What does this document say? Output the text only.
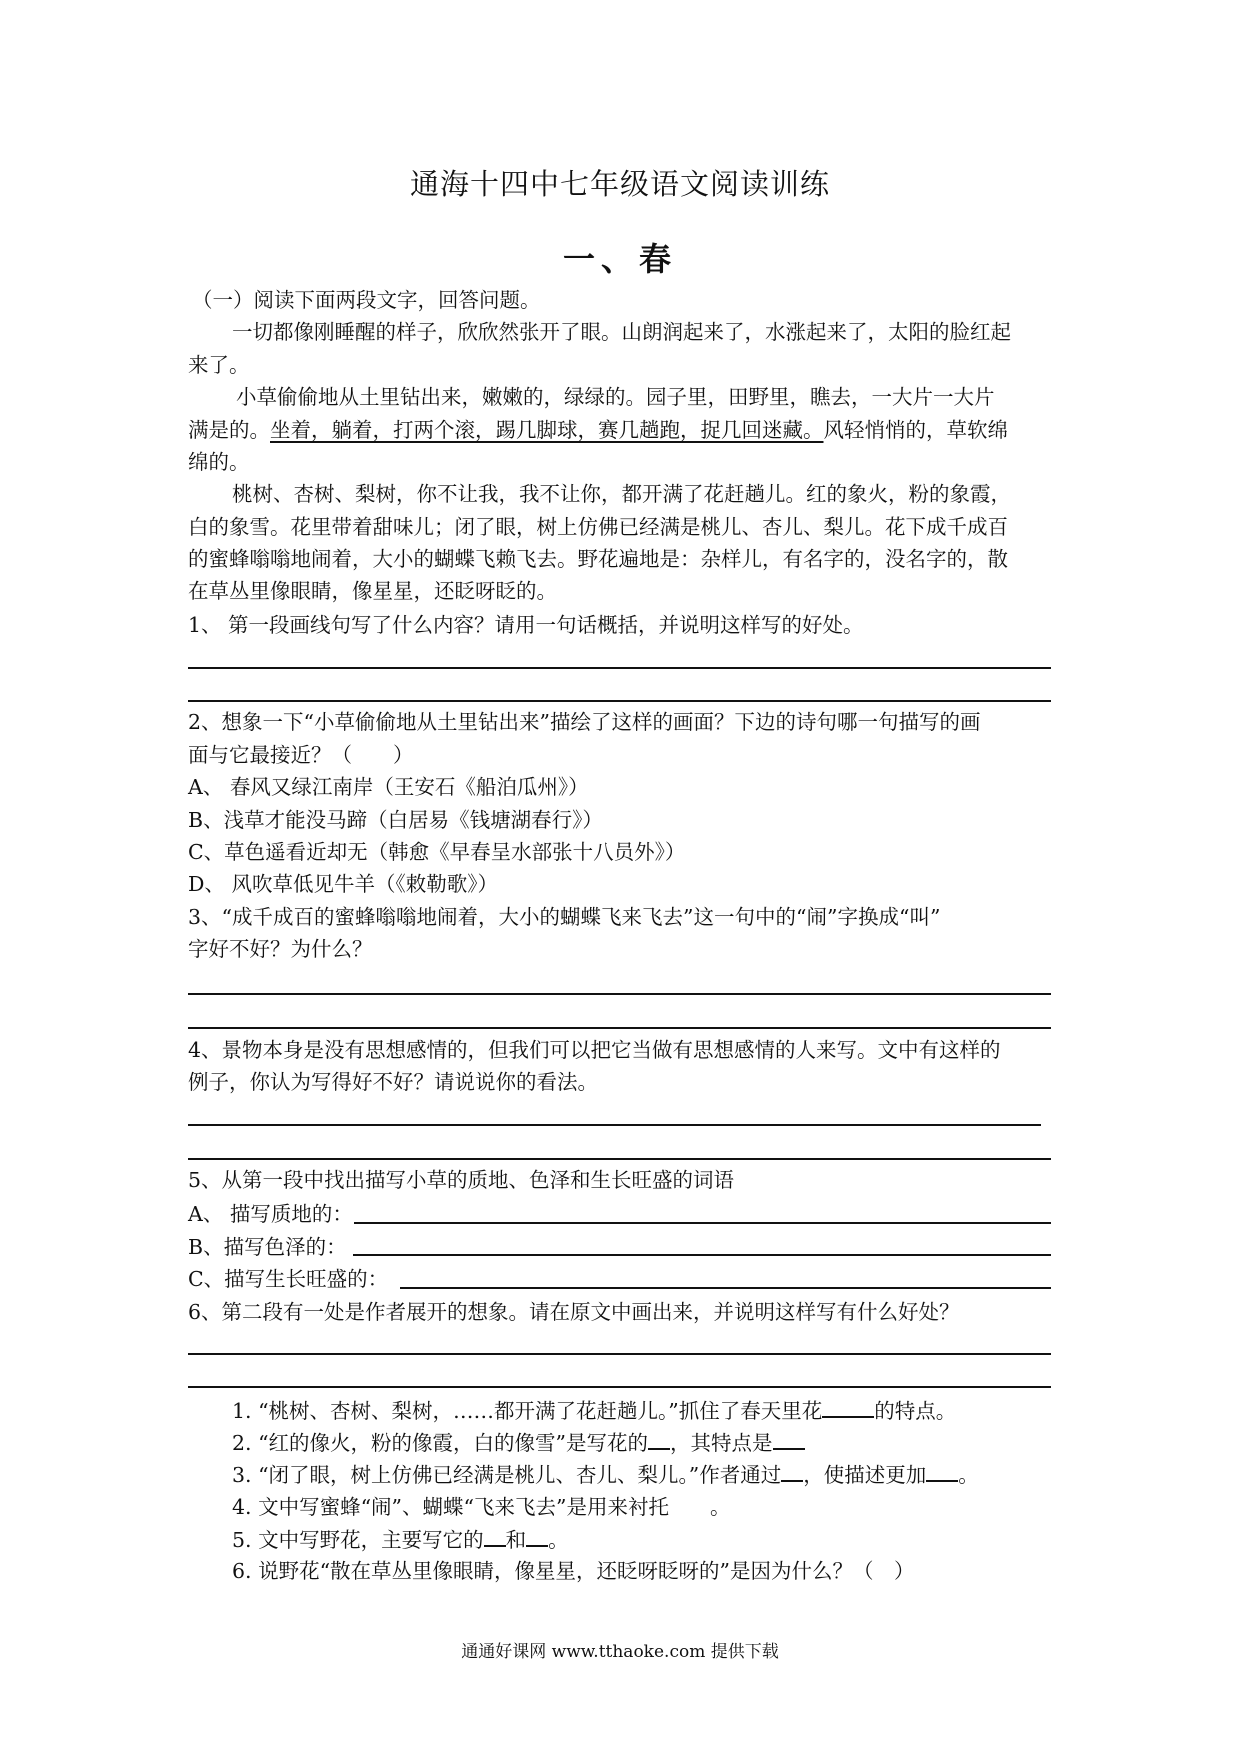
通海十四中七年级语文阅读训练
一、春
（一）阅读下面两段文字，回答问题。
一切都像刚睡醒的样子，欣欣然张开了眼。山朗润起来了，水涨起来了，太阳的脸红起
来了。
小草偷偷地从土里钻出来，嫩嫩的，绿绿的。园子里，田野里，瞧去，一大片一大片
满是的。坐着，躺着，打两个滚，踢几脚球，赛几趟跑，捉几回迷藏。风轻悄悄的，草软绵
绵的。
桃树、杏树、梨树，你不让我，我不让你，都开满了花赶趟儿。红的象火，粉的象霞，
白的象雪。花里带着甜味儿；闭了眼，树上仿佛已经满是桃儿、杏儿、梨儿。花下成千成百
的蜜蜂嗡嗡地闹着，大小的蝴蝶飞赖飞去。野花遍地是：杂样儿，有名字的，没名字的，散
在草丛里像眼睛，像星星，还眨呀眨的。
1、 第一段画线句写了什么内容？请用一句话概括，并说明这样写的好处。
2、想象一下“小草偷偷地从土里钻出来”描绘了这样的画面？下边的诗句哪一句描写的画
面与它最接近？（　　）
A、 春风又绿江南岸（王安石《船泊瓜州》）
B、浅草才能没马蹄（白居易《钱塘湖春行》）
C、草色遥看近却无（韩愈《早春呈水部张十八员外》）
D、 风吹草低见牛羊（《敕勒歌》）
3、“成千成百的蜜蜂嗡嗡地闹着，大小的蝴蝶飞来飞去”这一句中的“闹”字换成“叫”
字好不好？为什么？
4、景物本身是没有思想感情的，但我们可以把它当做有思想感情的人来写。文中有这样的
例子，你认为写得好不好？请说说你的看法。
5、从第一段中找出描写小草的质地、色泽和生长旺盛的词语
A、 描写质地的：
B、描写色泽的：
C、描写生长旺盛的：
6、第二段有一处是作者展开的想象。请在原文中画出来，并说明这样写有什么好处？
1. “桃树、杏树、梨树，……都开满了花赶趟儿。”抓住了春天里花	的特点。
2. “红的像火，粉的像霞，白的像雪”是写花的 ，其特点是
3. “闭了眼，树上仿佛已经满是桃儿、杏儿、梨儿。”作者通过 ，使描述更加 。
4. 文中写蜜蜂“闹”、蝴蝶“飞来飞去”是用来衬托　　。
5. 文中写野花，主要写它的 和 。
6. 说野花“散在草丛里像眼睛，像星星，还眨呀眨呀的”是因为什么？（　）
通通好课网 www.tthaoke.com 提供下载
